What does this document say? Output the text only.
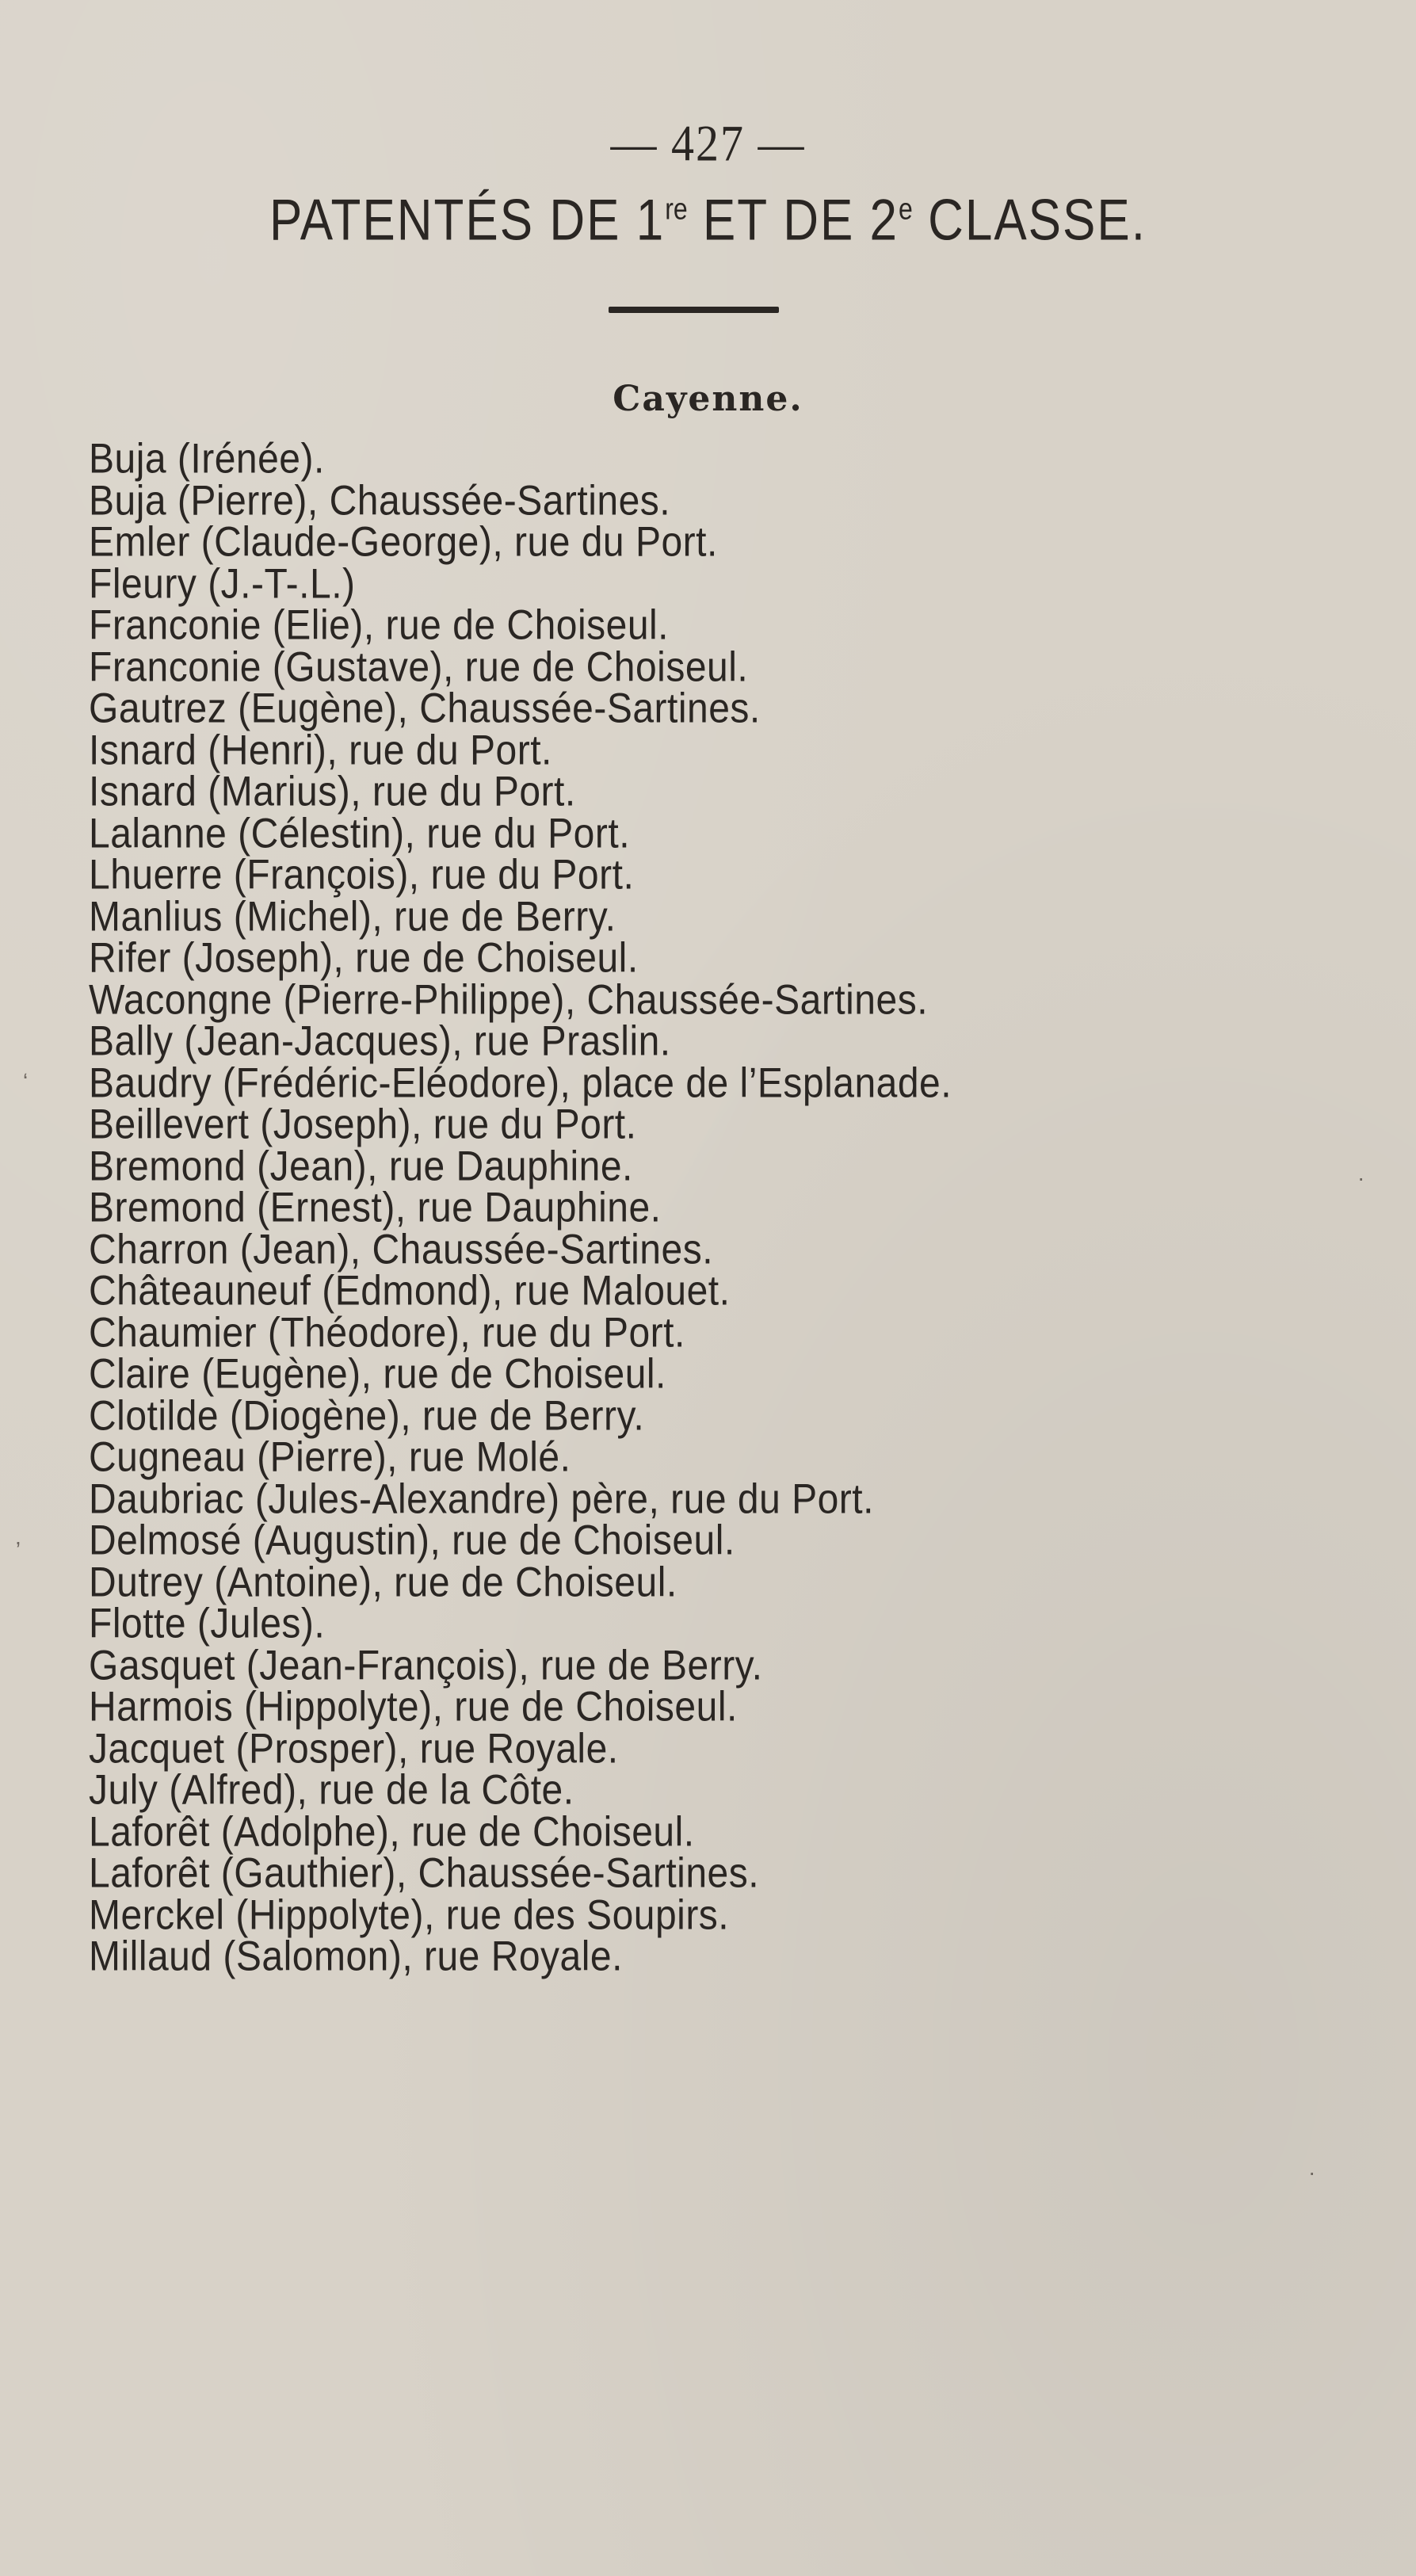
— 427 —
PATENTÉS DE 1re ET DE 2e CLASSE.
Cayenne.
Buja (Irénée).
Buja (Pierre), Chaussée-Sartines.
Emler (Claude-George), rue du Port.
Fleury (J.-T-.L.)
Franconie (Elie), rue de Choiseul.
Franconie (Gustave), rue de Choiseul.
Gautrez (Eugène), Chaussée-Sartines.
Isnard (Henri), rue du Port.
Isnard (Marius), rue du Port.
Lalanne (Célestin), rue du Port.
Lhuerre (François), rue du Port.
Manlius (Michel), rue de Berry.
Rifer (Joseph), rue de Choiseul.
Wacongne (Pierre-Philippe), Chaussée-Sartines.
Bally (Jean-Jacques), rue Praslin.
Baudry (Frédéric-Eléodore), place de l’Esplanade.
Beillevert (Joseph), rue du Port.
Bremond (Jean), rue Dauphine.
Bremond (Ernest), rue Dauphine.
Charron (Jean), Chaussée-Sartines.
Châteauneuf (Edmond), rue Malouet.
Chaumier (Théodore), rue du Port.
Claire (Eugène), rue de Choiseul.
Clotilde (Diogène), rue de Berry.
Cugneau (Pierre), rue Molé.
Daubriac (Jules-Alexandre) père, rue du Port.
Delmosé (Augustin), rue de Choiseul.
Dutrey (Antoine), rue de Choiseul.
Flotte (Jules).
Gasquet (Jean-François), rue de Berry.
Harmois (Hippolyte), rue de Choiseul.
Jacquet (Prosper), rue Royale.
July (Alfred), rue de la Côte.
Laforêt (Adolphe), rue de Choiseul.
Laforêt (Gauthier), Chaussée-Sartines.
Merckel (Hippolyte), rue des Soupirs.
Millaud (Salomon), rue Royale.
ʻ
,
·
·
